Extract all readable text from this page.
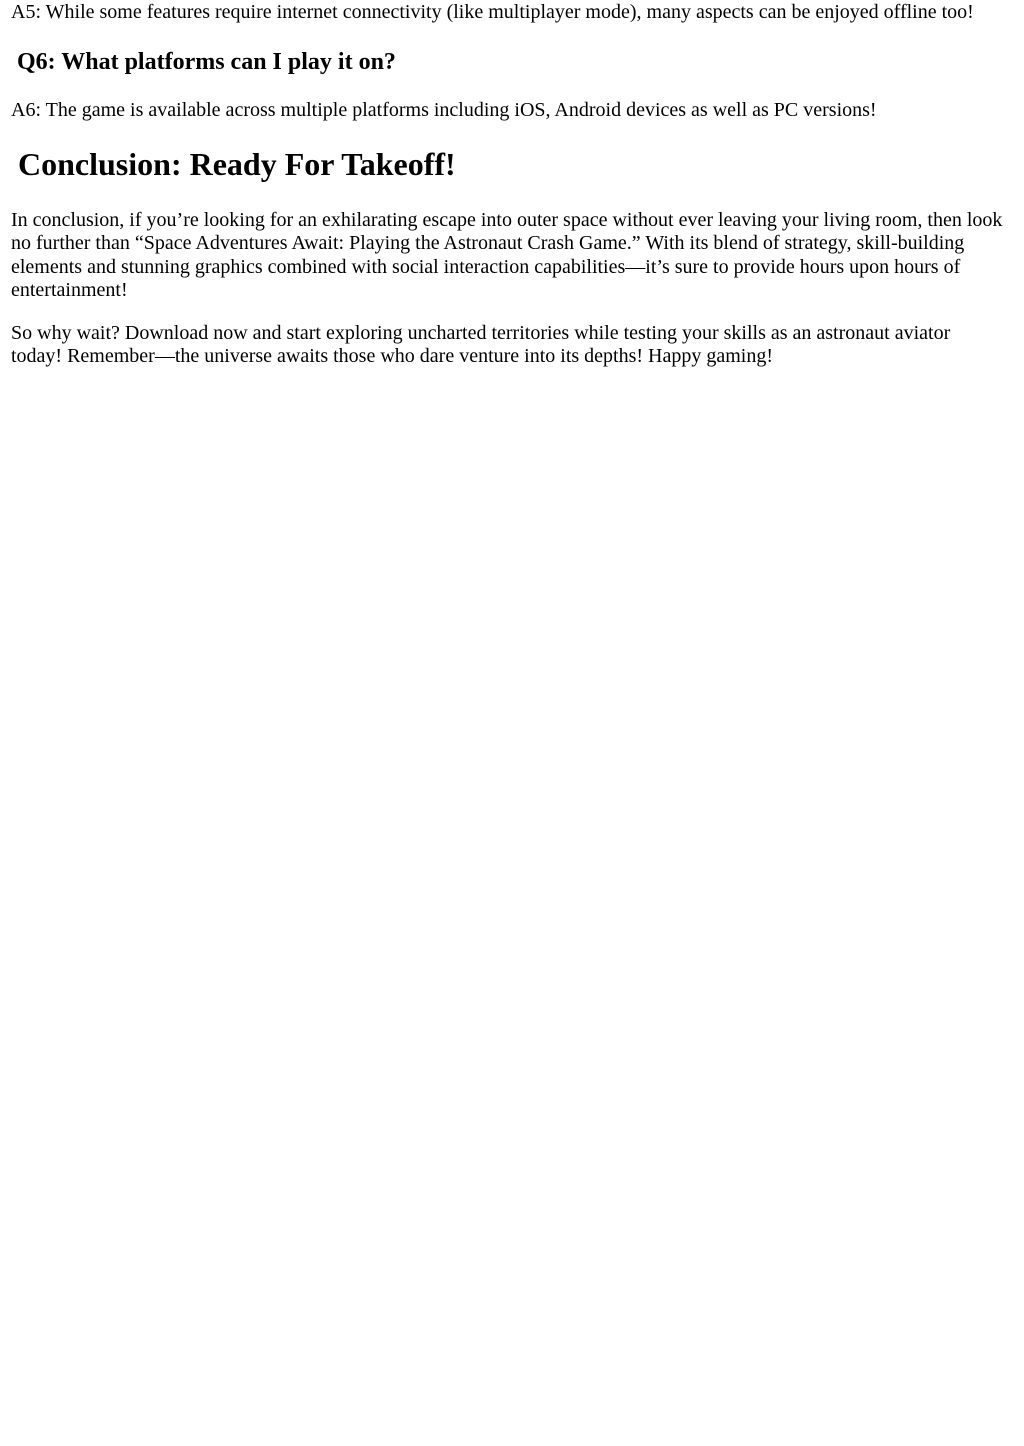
A5: While some features require internet connectivity (like multiplayer mode), many aspects can be enjoyed offline too!

Q6: What platforms can I play it on?

A6: The game is available across multiple platforms including iOS, Android devices as well as PC versions!

Conclusion: Ready For Takeoff!

In conclusion, if you’re looking for an exhilarating escape into outer space without ever leaving your living room, then look no further than “Space Adventures Await: Playing the Astronaut Crash Game.” With its blend of strategy, skill-building elements and stunning graphics combined with social interaction capabilities—it’s sure to provide hours upon hours of entertainment!

So why wait? Download now and start exploring uncharted territories while testing your skills as an astronaut aviator today! Remember—the universe awaits those who dare venture into its depths! Happy gaming!
